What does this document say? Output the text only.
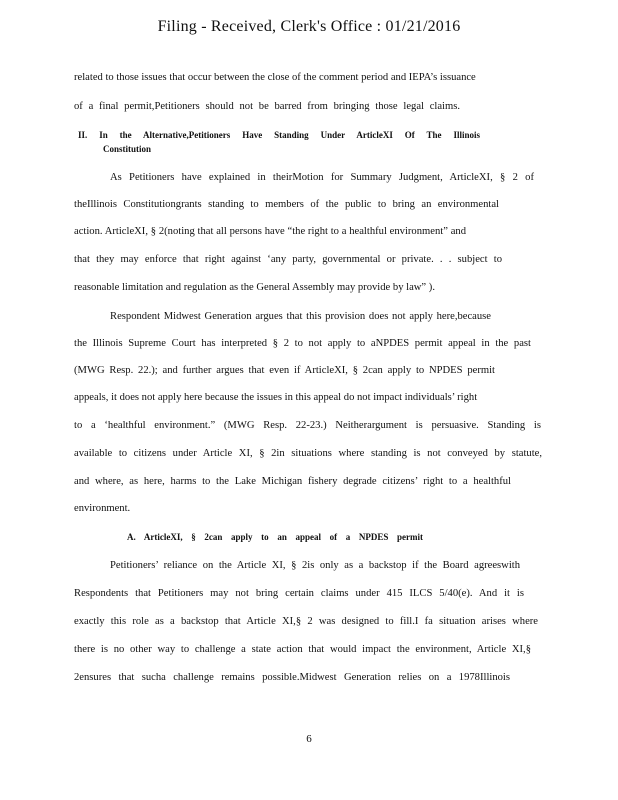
Filing - Received, Clerk's Office : 01/21/2016
related to those issues that occur between the close of the comment period and IEPA’s issuance
of a final permit,Petitioners should not be barred from bringing those legal claims.
II. In the Alternative,Petitioners Have Standing Under ArticleXI Of The Illinois
Constitution
As Petitioners have explained in theirMotion for Summary Judgment, ArticleXI, § 2 of
theIllinois Constitutiongrants standing to members of the public to bring an environmental
action. ArticleXI, § 2(noting that all persons have “the right to a healthful environment” and
that they may enforce that right against ‘any party, governmental or private. . . subject to
reasonable limitation and regulation as the General Assembly may provide by law” ).
Respondent Midwest Generation argues that this provision does not apply here,because
the Illinois Supreme Court has interpreted § 2 to not apply to aNPDES permit appeal in the past
(MWG Resp. 22.); and further argues that even if ArticleXI, § 2can apply to NPDES permit
appeals, it does not apply here because the issues in this appeal do not impact individuals’ right
to a ‘healthful environment.” (MWG Resp. 22-23.) Neitherargument is persuasive. Standing is
available to citizens under Article XI, § 2in situations where standing is not conveyed by statute,
and where, as here, harms to the Lake Michigan fishery degrade citizens’ right to a healthful
environment.
A. ArticleXI, § 2can apply to an appeal of a NPDES permit
Petitioners’ reliance on the Article XI, § 2is only as a backstop if the Board agreeswith
Respondents that Petitioners may not bring certain claims under 415 ILCS 5/40(e). And it is
exactly this role as a backstop that Article XI,§ 2 was designed to fill.I fa situation arises where
there is no other way to challenge a state action that would impact the environment, Article XI,§
2ensures that sucha challenge remains possible.Midwest Generation relies on a 1978Illinois
6
